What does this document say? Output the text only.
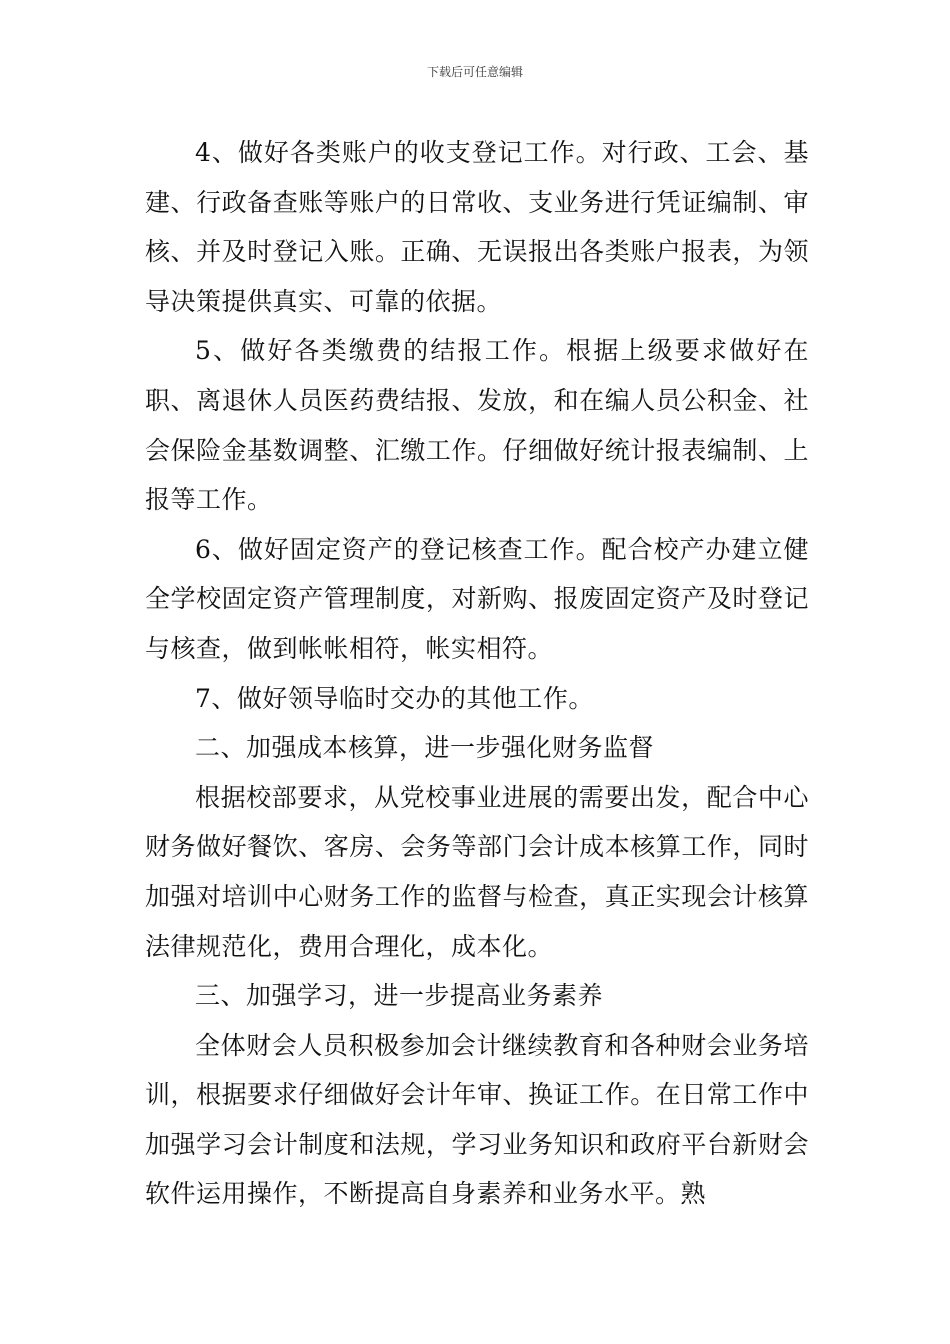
下载后可任意编辑

4、做好各类账户的收支登记工作。对行政、工会、基建、行政备查账等账户的日常收、支业务进行凭证编制、审核、并及时登记入账。正确、无误报出各类账户报表，为领导决策提供真实、可靠的依据。

5、做好各类缴费的结报工作。根据上级要求做好在职、离退休人员医药费结报、发放，和在编人员公积金、社会保险金基数调整、汇缴工作。仔细做好统计报表编制、上报等工作。

6、做好固定资产的登记核查工作。配合校产办建立健全学校固定资产管理制度，对新购、报废固定资产及时登记与核查，做到帐帐相符，帐实相符。

7、做好领导临时交办的其他工作。

二、加强成本核算，进一步强化财务监督

根据校部要求，从党校事业进展的需要出发，配合中心财务做好餐饮、客房、会务等部门会计成本核算工作，同时加强对培训中心财务工作的监督与检查，真正实现会计核算法律规范化，费用合理化，成本化。

三、加强学习，进一步提高业务素养

全体财会人员积极参加会计继续教育和各种财会业务培训，根据要求仔细做好会计年审、换证工作。在日常工作中加强学习会计制度和法规，学习业务知识和政府平台新财会软件运用操作，不断提高自身素养和业务水平。熟
